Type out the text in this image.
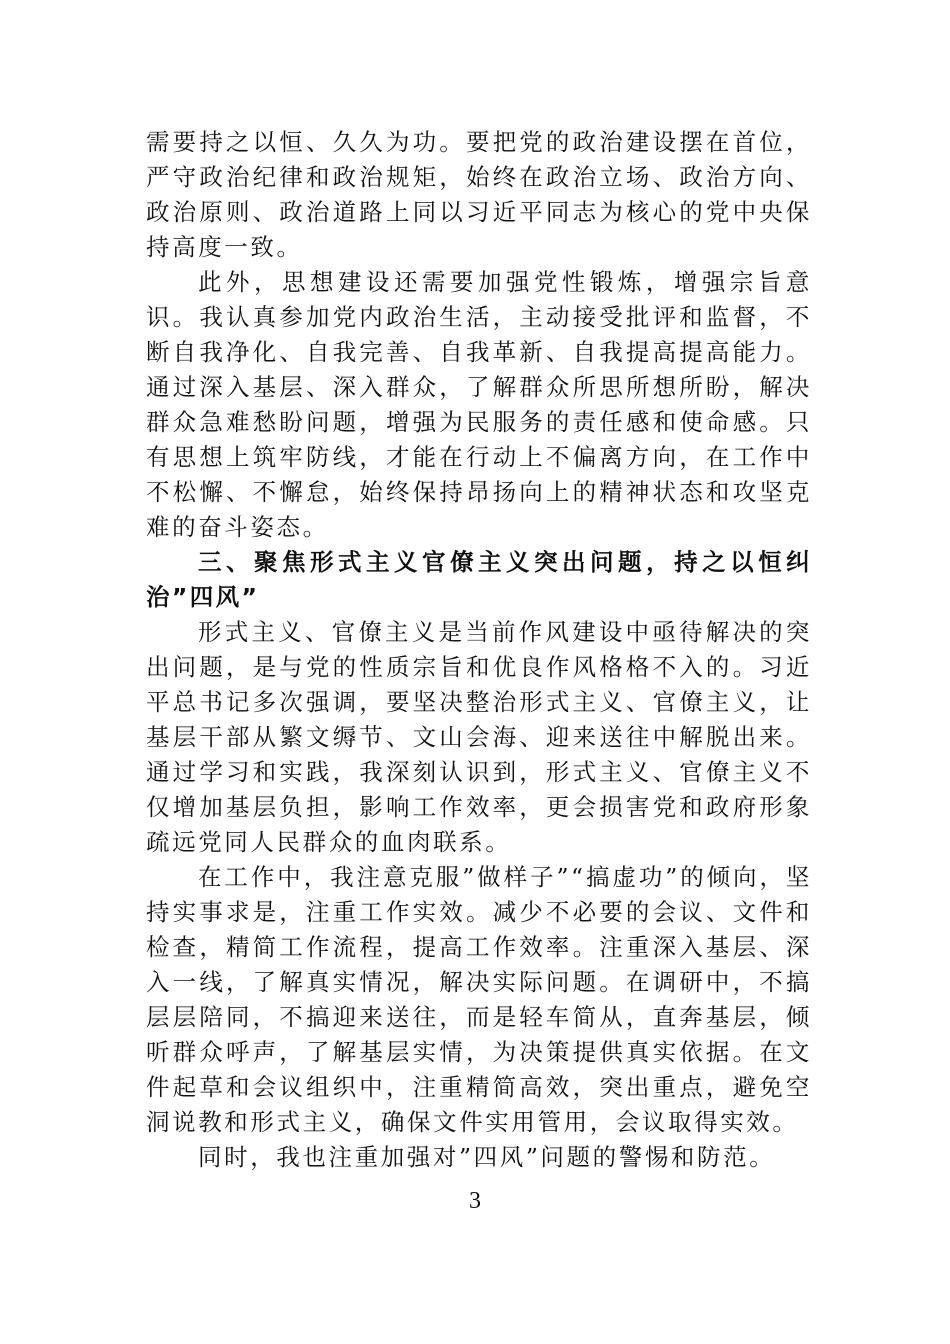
需要持之以恒、久久为功。要把党的政治建设摆在首位，严守政治纪律和政治规矩，始终在政治立场、政治方向、政治原则、政治道路上同以习近平同志为核心的党中央保持高度一致。

此外，思想建设还需要加强党性锻炼，增强宗旨意识。我认真参加党内政治生活，主动接受批评和监督，不断自我净化、自我完善、自我革新、自我提高提高能力。通过深入基层、深入群众，了解群众所思所想所盼，解决群众急难愁盼问题，增强为民服务的责任感和使命感。只有思想上筑牢防线，才能在行动上不偏离方向，在工作中不松懈、不懈怠，始终保持昂扬向上的精神状态和攻坚克难的奋斗姿态。

三、聚焦形式主义官僚主义突出问题，持之以恒纠治”四风”

形式主义、官僚主义是当前作风建设中亟待解决的突出问题，是与党的性质宗旨和优良作风格格不入的。习近平总书记多次强调，要坚决整治形式主义、官僚主义，让基层干部从繁文缛节、文山会海、迎来送往中解脱出来。通过学习和实践，我深刻认识到，形式主义、官僚主义不仅增加基层负担，影响工作效率，更会损害党和政府形象疏远党同人民群众的血肉联系。

在工作中，我注意克服”做样子”“搞虚功”的倾向，坚持实事求是，注重工作实效。减少不必要的会议、文件和检查，精简工作流程，提高工作效率。注重深入基层、深入一线，了解真实情况，解决实际问题。在调研中，不搞层层陪同，不搞迎来送往，而是轻车简从，直奔基层，倾听群众呼声，了解基层实情，为决策提供真实依据。在文件起草和会议组织中，注重精简高效，突出重点，避免空洞说教和形式主义，确保文件实用管用，会议取得实效。

同时，我也注重加强对”四风”问题的警惕和防范。

3
